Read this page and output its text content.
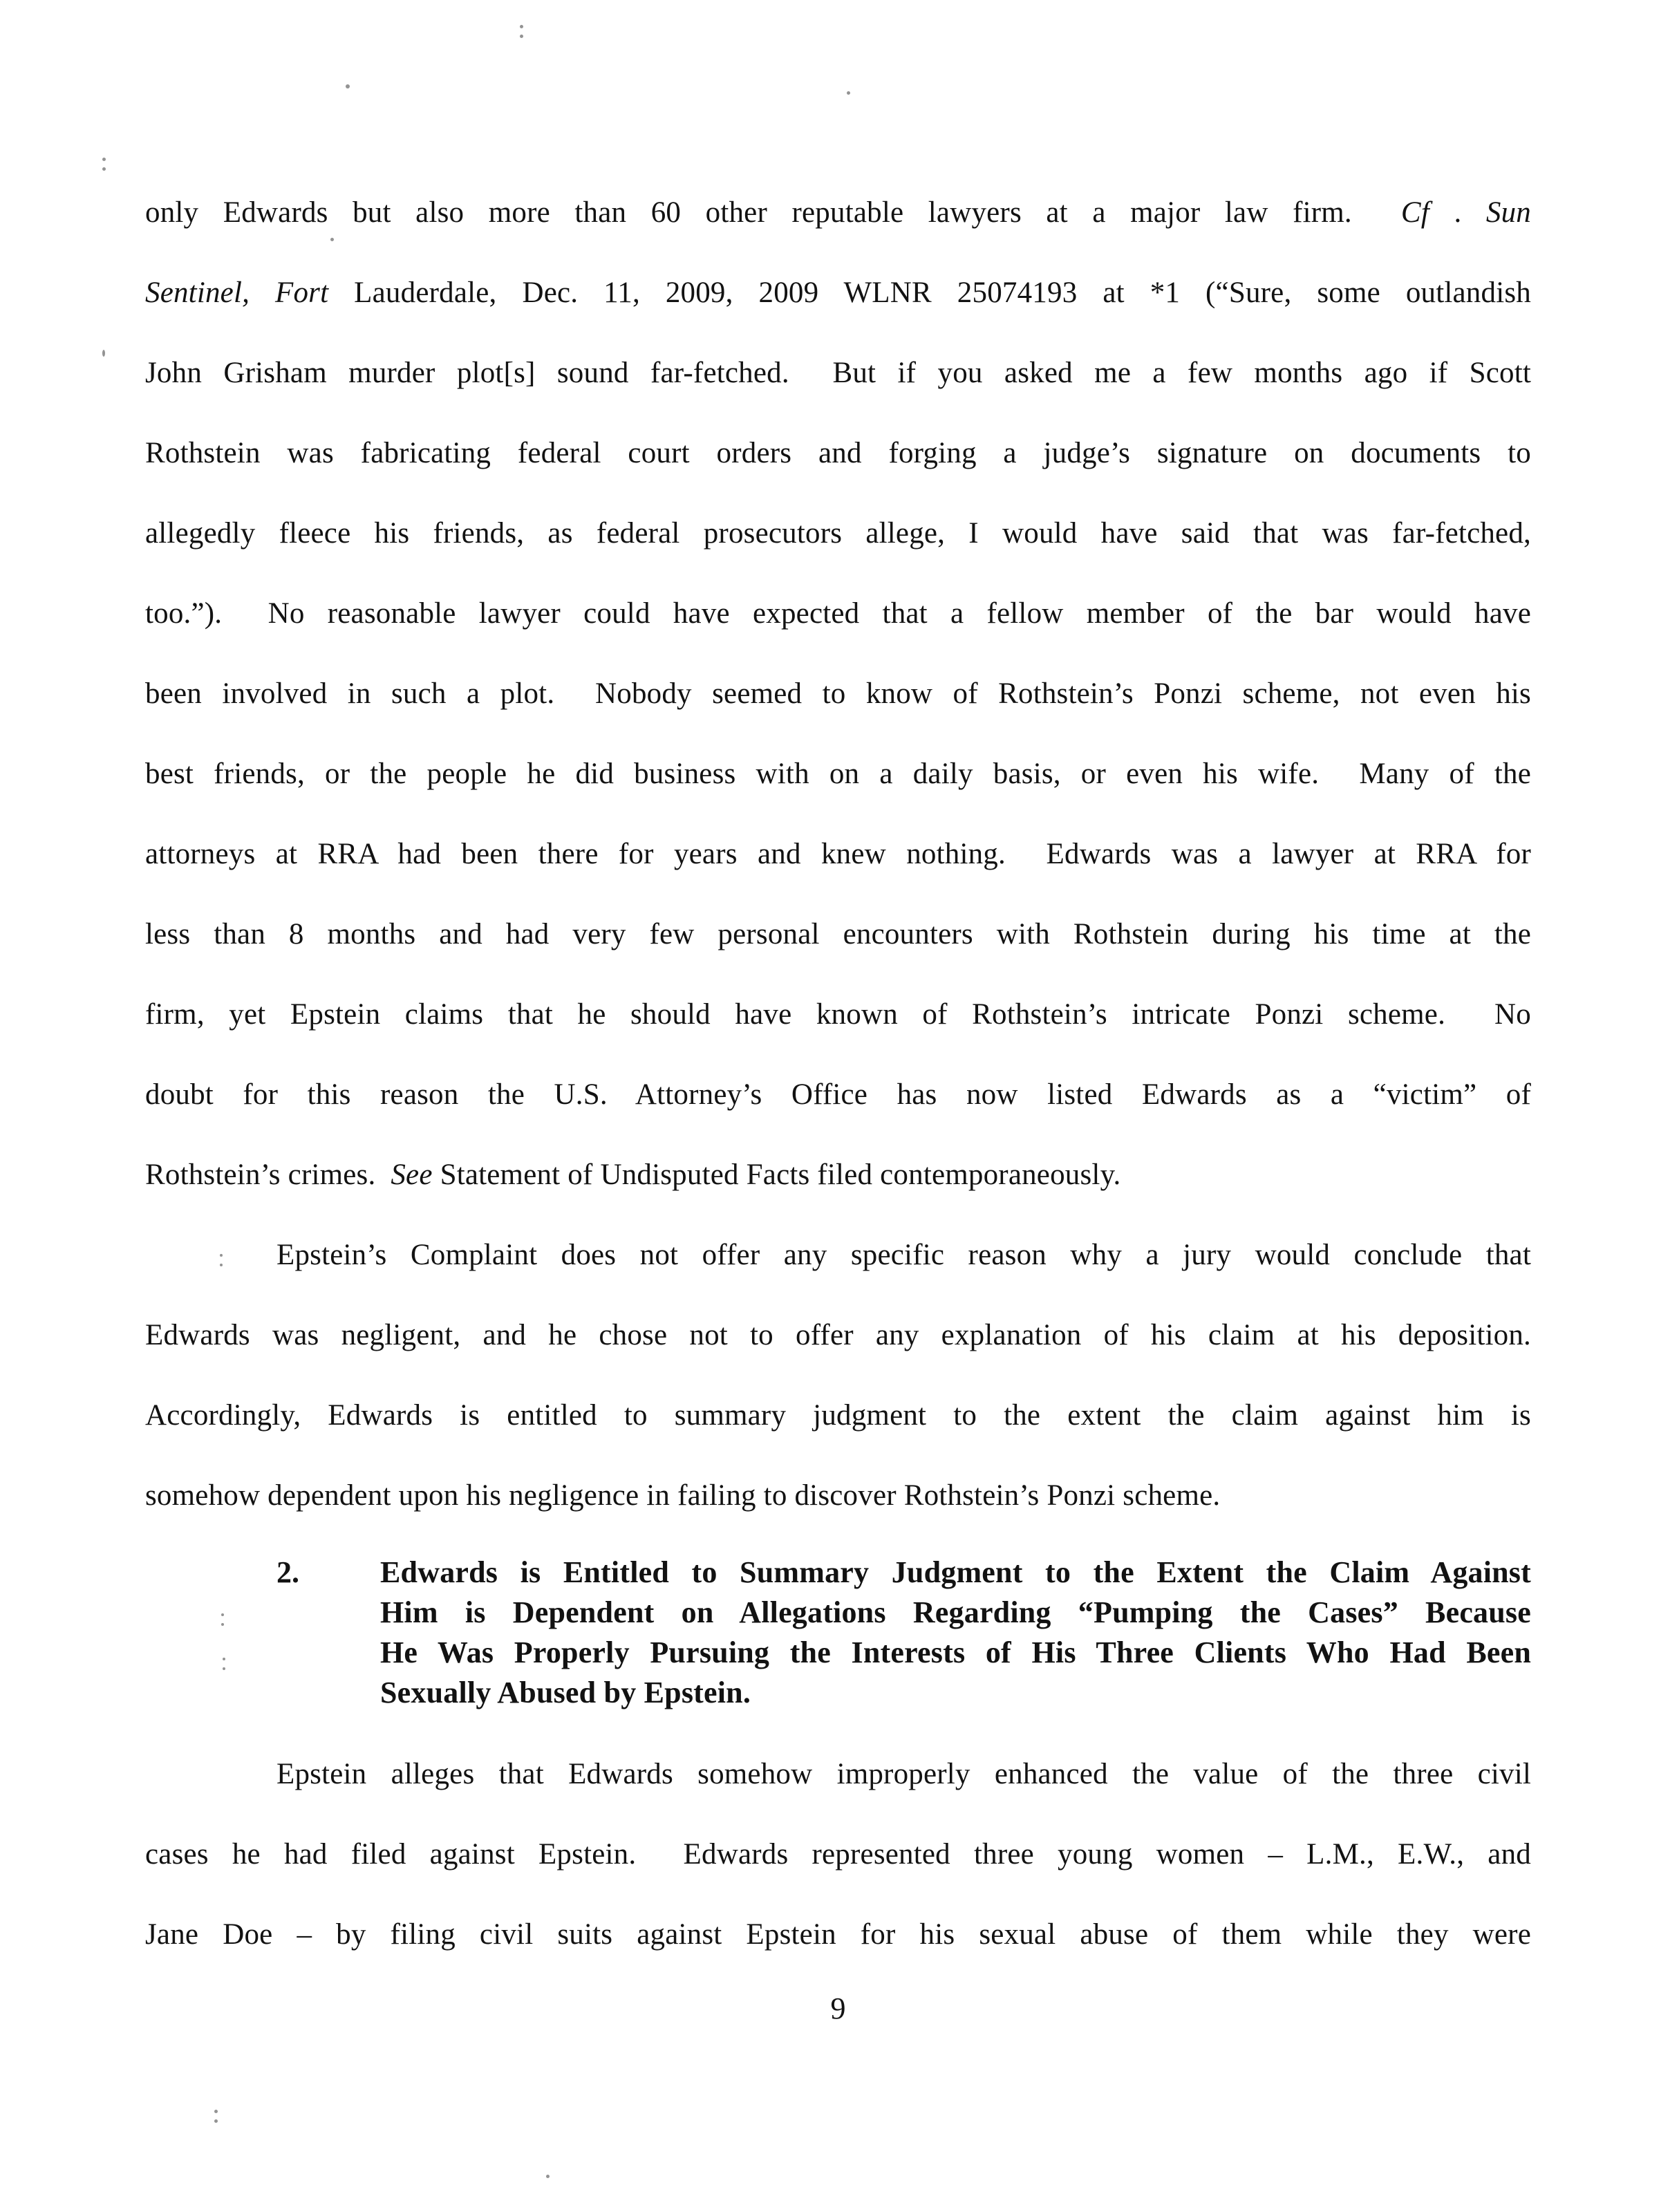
only Edwards but also more than 60 other reputable lawyers at a major law firm.  Cf . Sun
Sentinel, Fort Lauderdale, Dec. 11, 2009, 2009 WLNR 25074193 at *1 (“Sure, some outlandish
John Grisham murder plot[s] sound far-fetched.  But if you asked me a few months ago if Scott
Rothstein was fabricating federal court orders and forging a judge’s signature on documents to
allegedly fleece his friends, as federal prosecutors allege, I would have said that was far-fetched,
too.”).  No reasonable lawyer could have expected that a fellow member of the bar would have
been involved in such a plot.  Nobody seemed to know of Rothstein’s Ponzi scheme, not even his
best friends, or the people he did business with on a daily basis, or even his wife.  Many of the
attorneys at RRA had been there for years and knew nothing.  Edwards was a lawyer at RRA for
less than 8 months and had very few personal encounters with Rothstein during his time at the
firm, yet Epstein claims that he should have known of Rothstein’s intricate Ponzi scheme.  No
doubt for this reason the U.S. Attorney’s Office has now listed Edwards as a “victim” of
Rothstein’s crimes.  See Statement of Undisputed Facts filed contemporaneously.
Epstein’s Complaint does not offer any specific reason why a jury would conclude that
Edwards was negligent, and he chose not to offer any explanation of his claim at his deposition.
Accordingly, Edwards is entitled to summary judgment to the extent the claim against him is
somehow dependent upon his negligence in failing to discover Rothstein’s Ponzi scheme.
2.	Edwards is Entitled to Summary Judgment to the Extent the Claim Against
Him is Dependent on Allegations Regarding “Pumping the Cases” Because
He Was Properly Pursuing the Interests of His Three Clients Who Had Been
Sexually Abused by Epstein.
Epstein alleges that Edwards somehow improperly enhanced the value of the three civil
cases he had filed against Epstein.  Edwards represented three young women – L.M., E.W., and
Jane Doe – by filing civil suits against Epstein for his sexual abuse of them while they were
9
